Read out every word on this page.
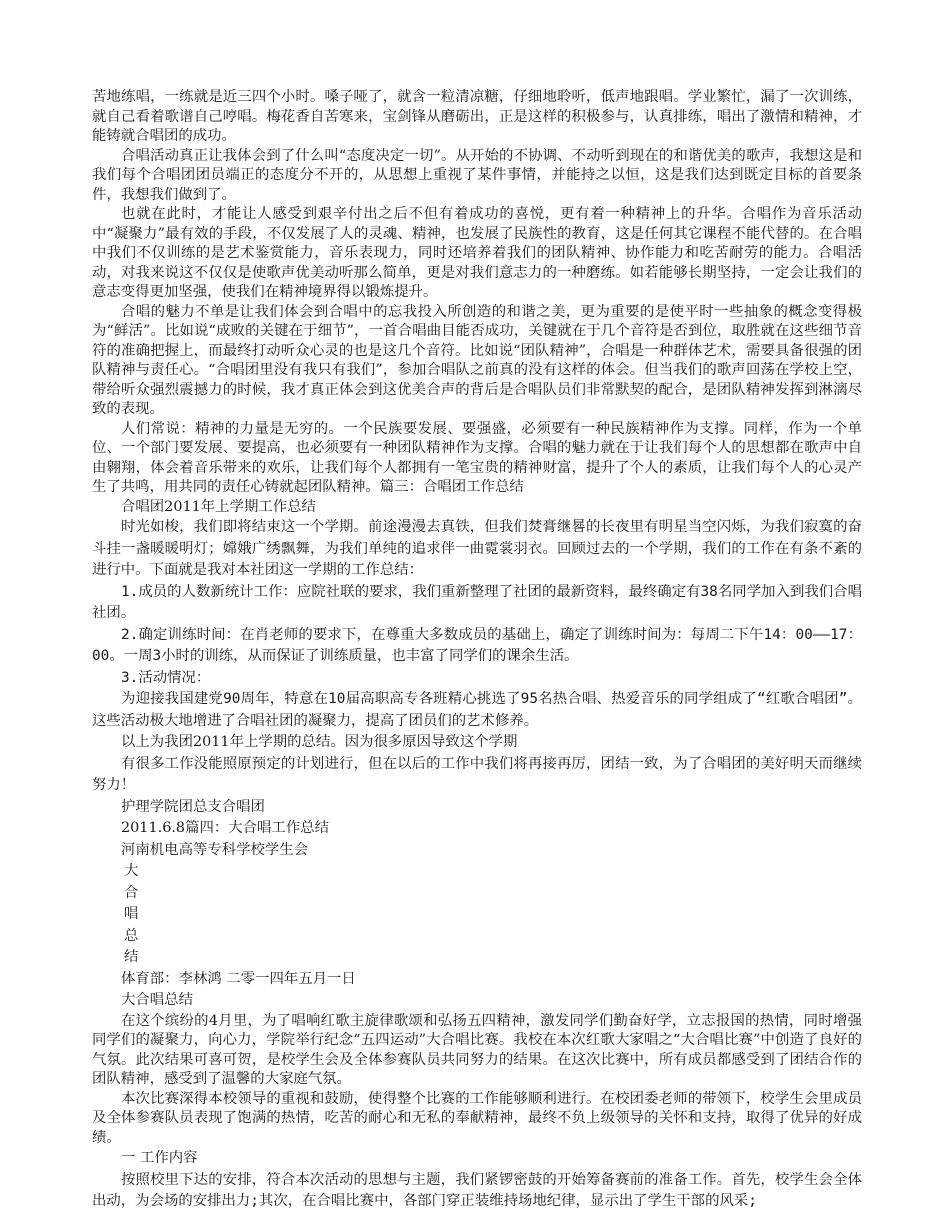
苦地练唱，一练就是近三四个小时。嗓子哑了，就含一粒清凉糖，仔细地聆听，低声地跟唱。学业繁忙，漏了一次训练，就自己看着歌谱自己哼唱。梅花香自苦寒来，宝剑锋从磨砺出，正是这样的积极参与，认真排练，唱出了激情和精神，才能铸就合唱团的成功。

合唱活动真正让我体会到了什么叫“态度决定一切”。从开始的不协调、不动听到现在的和谐优美的歌声，我想这是和我们每个合唱团团员端正的态度分不开的，从思想上重视了某件事情，并能持之以恒，这是我们达到既定目标的首要条件，我想我们做到了。

也就在此时，才能让人感受到艰辛付出之后不但有着成功的喜悦，更有着一种精神上的升华。合唱作为音乐活动中“凝聚力”最有效的手段，不仅发展了人的灵魂、精神，也发展了民族性的教育，这是任何其它课程不能代替的。在合唱中我们不仅训练的是艺术鉴赏能力，音乐表现力，同时还培养着我们的团队精神、协作能力和吃苦耐劳的能力。合唱活动，对我来说这不仅仅是使歌声优美动听那么简单，更是对我们意志力的一种磨练。如若能够长期坚持，一定会让我们的意志变得更加坚强，使我们在精神境界得以锻炼提升。

合唱的魅力不单是让我们体会到合唱中的忘我投入所创造的和谐之美，更为重要的是使平时一些抽象的概念变得极为“鲜活”。比如说“成败的关键在于细节”，一首合唱曲目能否成功，关键就在于几个音符是否到位，取胜就在这些细节音符的准确把握上，而最终打动听众心灵的也是这几个音符。比如说“团队精神”，合唱是一种群体艺术，需要具备很强的团队精神与责任心。“合唱团里没有我只有我们”，参加合唱队之前真的没有这样的体会。但当我们的歌声回荡在学校上空，带给听众强烈震撼力的时候，我才真正体会到这优美合声的背后是合唱队员们非常默契的配合，是团队精神发挥到淋漓尽致的表现。

人们常说：精神的力量是无穷的。一个民族要发展、要强盛，必须要有一种民族精神作为支撑。同样，作为一个单位、一个部门要发展、要提高，也必须要有一种团队精神作为支撑。合唱的魅力就在于让我们每个人的思想都在歌声中自由翱翔，体会着音乐带来的欢乐，让我们每个人都拥有一笔宝贵的精神财富，提升了个人的素质，让我们每个人的心灵产生了共鸣，用共同的责任心铸就起团队精神。篇三：合唱团工作总结

合唱团2011年上学期工作总结

时光如梭，我们即将结束这一个学期。前途漫漫去真铁，但我们焚膏继晷的长夜里有明星当空闪烁，为我们寂寞的奋斗挂一盏暖暖明灯；嫦娥广绣飘舞，为我们单纯的追求伴一曲霓裳羽衣。回顾过去的一个学期，我们的工作在有条不紊的进行中。下面就是我对本社团这一学期的工作总结：

1.成员的人数新统计工作：应院社联的要求，我们重新整理了社团的最新资料，最终确定有38名同学加入到我们合唱社团。

2.确定训练时间：在肖老师的要求下，在尊重大多数成员的基础上，确定了训练时间为：每周二下午14：00——17：00。一周3小时的训练，从而保证了训练质量，也丰富了同学们的课余生活。

3.活动情况：

为迎接我国建党90周年，特意在10届高职高专各班精心挑选了95名热合唱、热爱音乐的同学组成了“红歌合唱团”。这些活动极大地增进了合唱社团的凝聚力，提高了团员们的艺术修养。

以上为我团2011年上学期的总结。因为很多原因导致这个学期

有很多工作没能照原预定的计划进行，但在以后的工作中我们将再接再厉，团结一致，为了合唱团的美好明天而继续努力！

护理学院团总支合唱团

2011.6.8篇四：大合唱工作总结

河南机电高等专科学校学生会

大

合

唱

总

结

体育部：李林鸿 二零一四年五月一日

大合唱总结

在这个缤纷的4月里，为了唱响红歌主旋律歌颂和弘扬五四精神，激发同学们勤奋好学，立志报国的热情，同时增强同学们的凝聚力，向心力，学院举行纪念“五四运动”大合唱比赛。我校在本次红歌大家唱之“大合唱比赛”中创造了良好的气氛。此次结果可喜可贺，是校学生会及全体参赛队员共同努力的结果。在这次比赛中，所有成员都感受到了团结合作的团队精神，感受到了温馨的大家庭气氛。

本次比赛深得本校领导的重视和鼓励，使得整个比赛的工作能够顺利进行。在校团委老师的带领下，校学生会里成员及全体参赛队员表现了饱满的热情，吃苦的耐心和无私的奉献精神，最终不负上级领导的关怀和支持，取得了优异的好成绩。

一 工作内容

按照校里下达的安排，符合本次活动的思想与主题，我们紧锣密鼓的开始筹备赛前的准备工作。首先，校学生会全体出动，为会场的安排出力;其次，在合唱比赛中，各部门穿正装维持场地纪律，显示出了学生干部的风采;
